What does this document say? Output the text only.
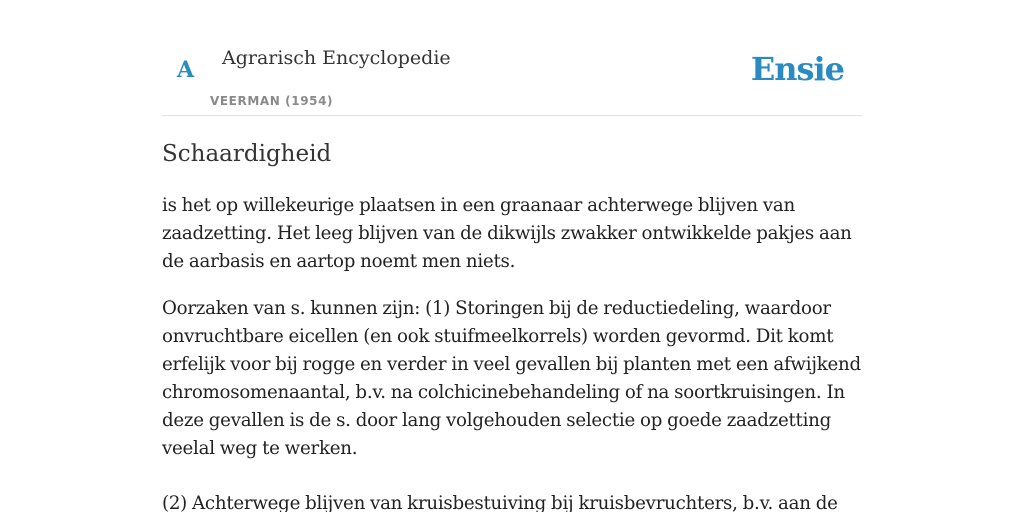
A Agrarisch Encyclopedie
VEERMAN (1954)
Ensie
Schaardigheid

is het op willekeurige plaatsen in een graanaar achterwege blijven van zaadzetting. Het leeg blijven van de dikwijls zwakker ontwikkelde pakjes aan de aarbasis en aartop noemt men niets.

Oorzaken van s. kunnen zijn: (1) Storingen bij de reductiedeling, waardoor onvruchtbare eicellen (en ook stuifmeelkorrels) worden gevormd. Dit komt erfelijk voor bij rogge en verder in veel gevallen bij planten met een afwijkend chromosomenaantal, b.v. na colchicinebehandeling of na soortkruisingen. In deze gevallen is de s. door lang volgehouden selectie op goede zaadzetting veelal weg te werken.

(2) Achterwege blijven van kruisbestuiving bij kruisbevruchters, b.v. aan de
